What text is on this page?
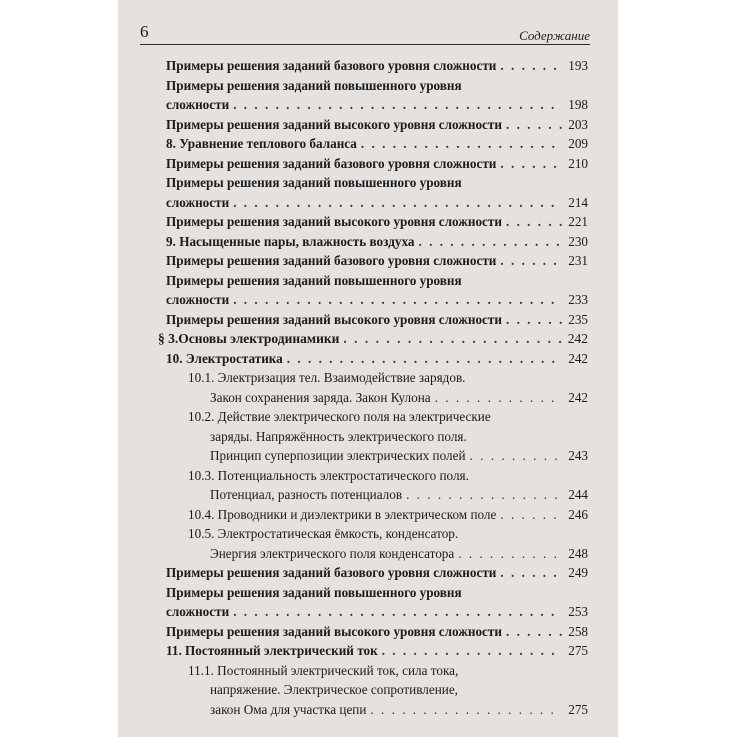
6	Содержание
Примеры решения заданий базового уровня сложности . . .	193
Примеры решения заданий повышенного уровня
сложности . . .	198
Примеры решения заданий высокого уровня сложности . . .	203
8. Уравнение теплового баланса . . .	209
Примеры решения заданий базового уровня сложности . . .	210
Примеры решения заданий повышенного уровня
сложности . . .	214
Примеры решения заданий высокого уровня сложности . . .	221
9. Насыщенные пары, влажность воздуха . . .	230
Примеры решения заданий базового уровня сложности . . .	231
Примеры решения заданий повышенного уровня
сложности . . .	233
Примеры решения заданий высокого уровня сложности . . .	235
§ 3. Основы электродинамики . . .	242
10. Электростатика . . .	242
10.1. Электризация тел. Взаимодействие зарядов.
Закон сохранения заряда. Закон Кулона . . .	242
10.2. Действие электрического поля на электрические
заряды. Напряжённость электрического поля.
Принцип суперпозиции электрических полей . . .	243
10.3. Потенциальность электростатического поля.
Потенциал, разность потенциалов . . .	244
10.4. Проводники и диэлектрики в электрическом поле . . .	246
10.5. Электростатическая ёмкость, конденсатор.
Энергия электрического поля конденсатора . . .	248
Примеры решения заданий базового уровня сложности . . .	249
Примеры решения заданий повышенного уровня
сложности . . .	253
Примеры решения заданий высокого уровня сложности . . .	258
11. Постоянный электрический ток . . .	275
11.1. Постоянный электрический ток, сила тока,
напряжение. Электрическое сопротивление,
закон Ома для участка цепи . . .	275
